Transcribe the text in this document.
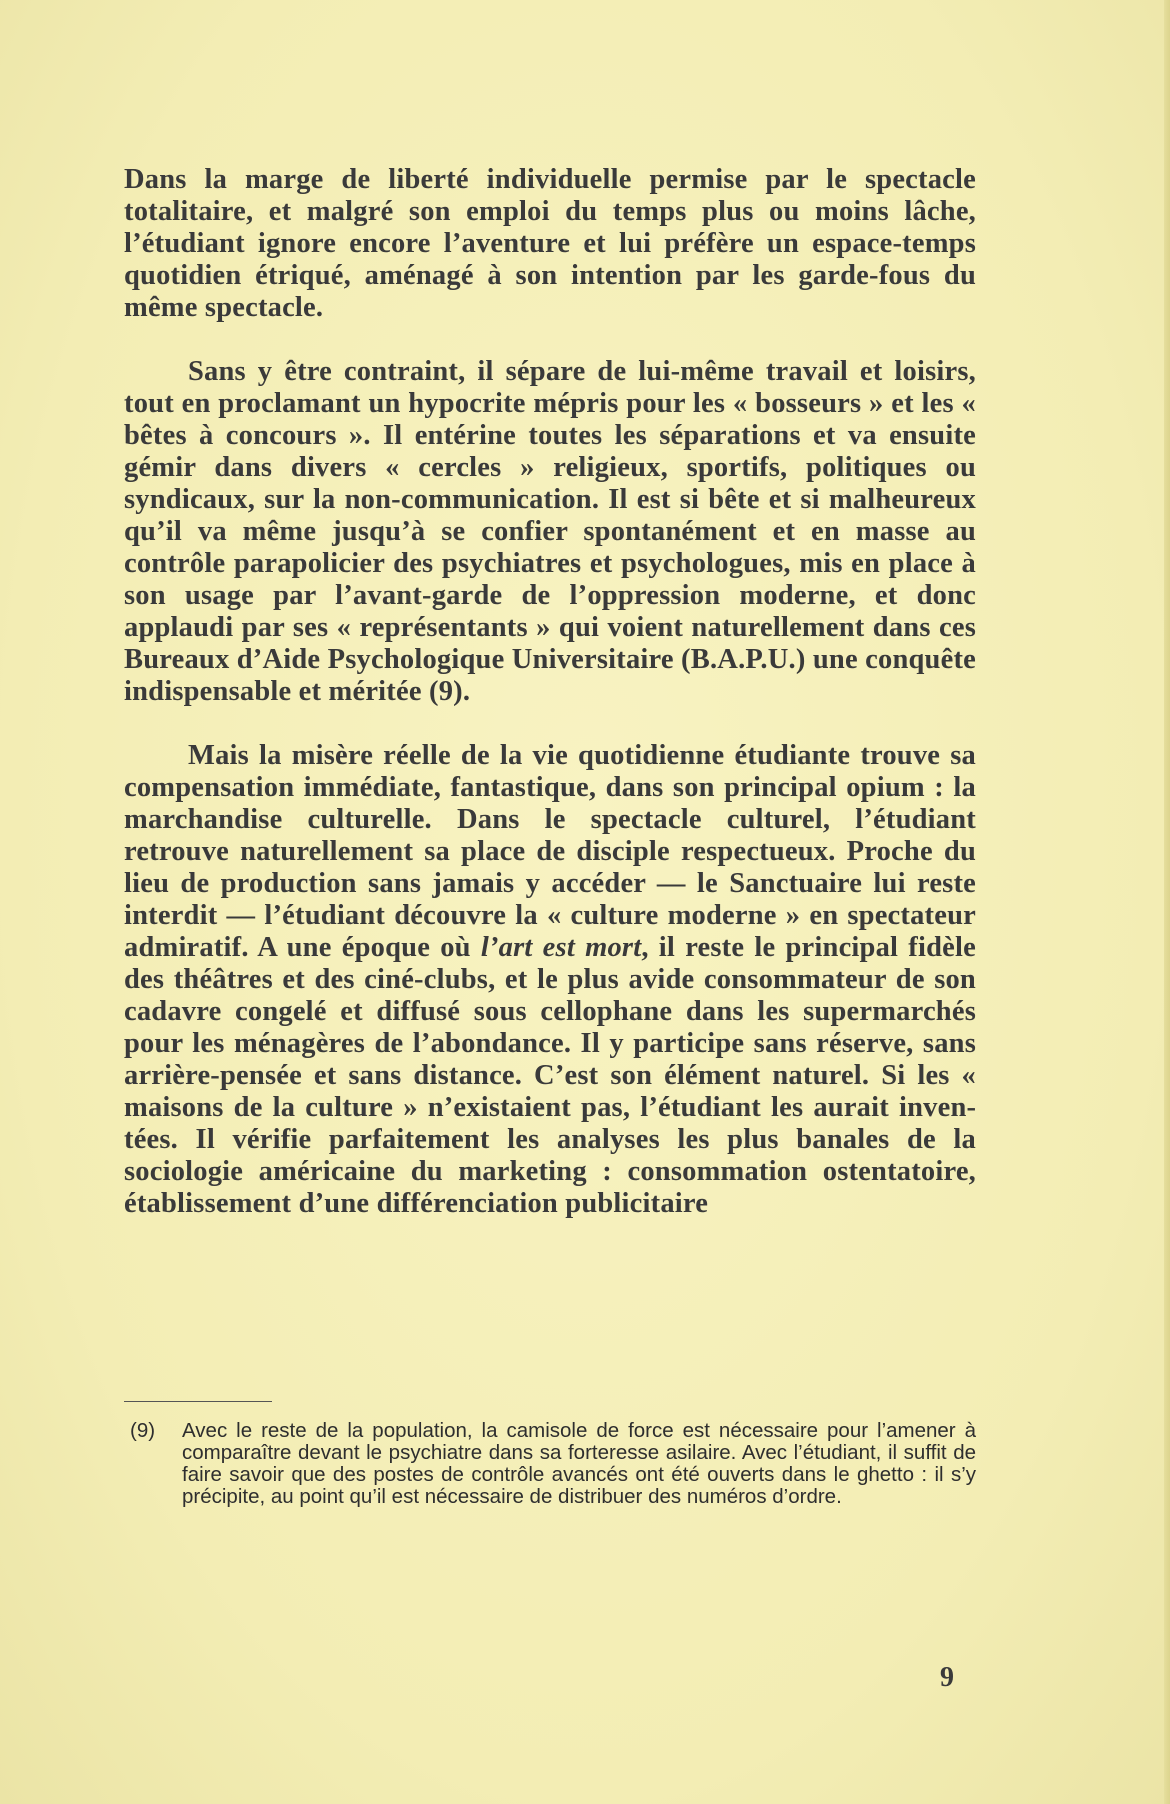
Dans la marge de liberté individuelle permise par le spectacle totalitaire, et malgré son emploi du temps plus ou moins lâche, l’étudiant ignore encore l’aventure et lui préfère un espace-temps quotidien étriqué, aménagé à son intention par les garde-fous du même spectacle.

Sans y être contraint, il sépare de lui-même travail et loisirs, tout en proclamant un hypocrite mépris pour les « bosseurs » et les « bêtes à concours ». Il entérine toutes les séparations et va ensuite gémir dans divers « cercles » religieux, sportifs, politiques ou syndicaux, sur la non-communication. Il est si bête et si malheureux qu’il va même jusqu’à se confier spontanément et en masse au contrôle parapolicier des psychiatres et psychologues, mis en place à son usage par l’avant-garde de l’oppression moderne, et donc applaudi par ses « représentants » qui voient naturellement dans ces Bureaux d’Aide Psychologique Universitaire (B.A.P.U.) une conquête indispensable et méritée (9).

Mais la misère réelle de la vie quotidienne étudiante trouve sa compensation immédiate, fantastique, dans son principal opium : la marchandise culturelle. Dans le spectacle culturel, l’étudiant retrouve naturellement sa place de disciple respectueux. Proche du lieu de production sans jamais y accéder — le Sanctuaire lui reste interdit — l’étudiant découvre la « culture moderne » en spectateur admiratif. A une époque où l’art est mort, il reste le principal fidèle des théâtres et des ciné-clubs, et le plus avide consommateur de son cadavre congelé et diffusé sous cellophane dans les supermarchés pour les ménagères de l’abondance. Il y participe sans réserve, sans arrière-pensée et sans distance. C’est son élément naturel. Si les « maisons de la culture » n’existaient pas, l’étudiant les aurait inventées. Il vérifie parfaitement les analyses les plus banales de la sociologie américaine du marketing : consommation ostentatoire, établissement d’une différenciation publicitaire

(9)	Avec le reste de la population, la camisole de force est nécessaire pour l’amener à comparaître devant le psychiatre dans sa forteresse asilaire. Avec l’étudiant, il suffit de faire savoir que des postes de contrôle avancés ont été ouverts dans le ghetto : il s’y précipite, au point qu’il est nécessaire de distribuer des numéros d’ordre.
9
